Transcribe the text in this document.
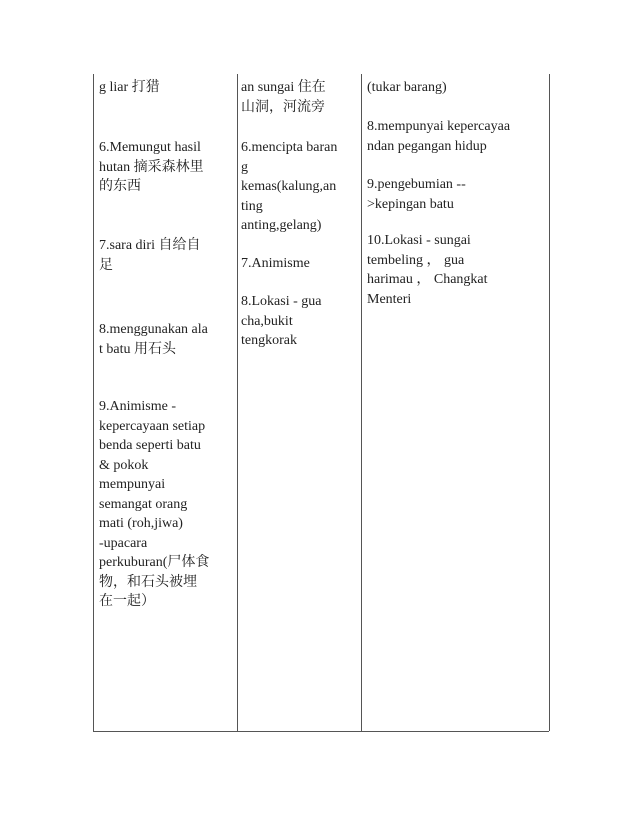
g liar 打猎
6.Memungut hasil
hutan 摘采森林里
的东西
7.sara diri 自给自
足
8.menggunakan ala
t batu 用石头
9.Animisme -
kepercayaan setiap
benda seperti batu
& pokok
mempunyai
semangat orang
mati (roh,jiwa)
-upacara
perkuburan(尸体食
物，和石头被埋
在一起）
an sungai 住在
山洞，河流旁
6.mencipta baran
g
kemas(kalung,an
ting
anting,gelang)
7.Animisme
8.Lokasi - gua
cha,bukit
tengkorak
(tukar barang)
8.mempunyai kepercayaa
ndan pegangan hidup
9.pengebumian --
>kepingan batu
10.Lokasi - sungai
tembeling ， gua
harimau ， Changkat
Menteri
